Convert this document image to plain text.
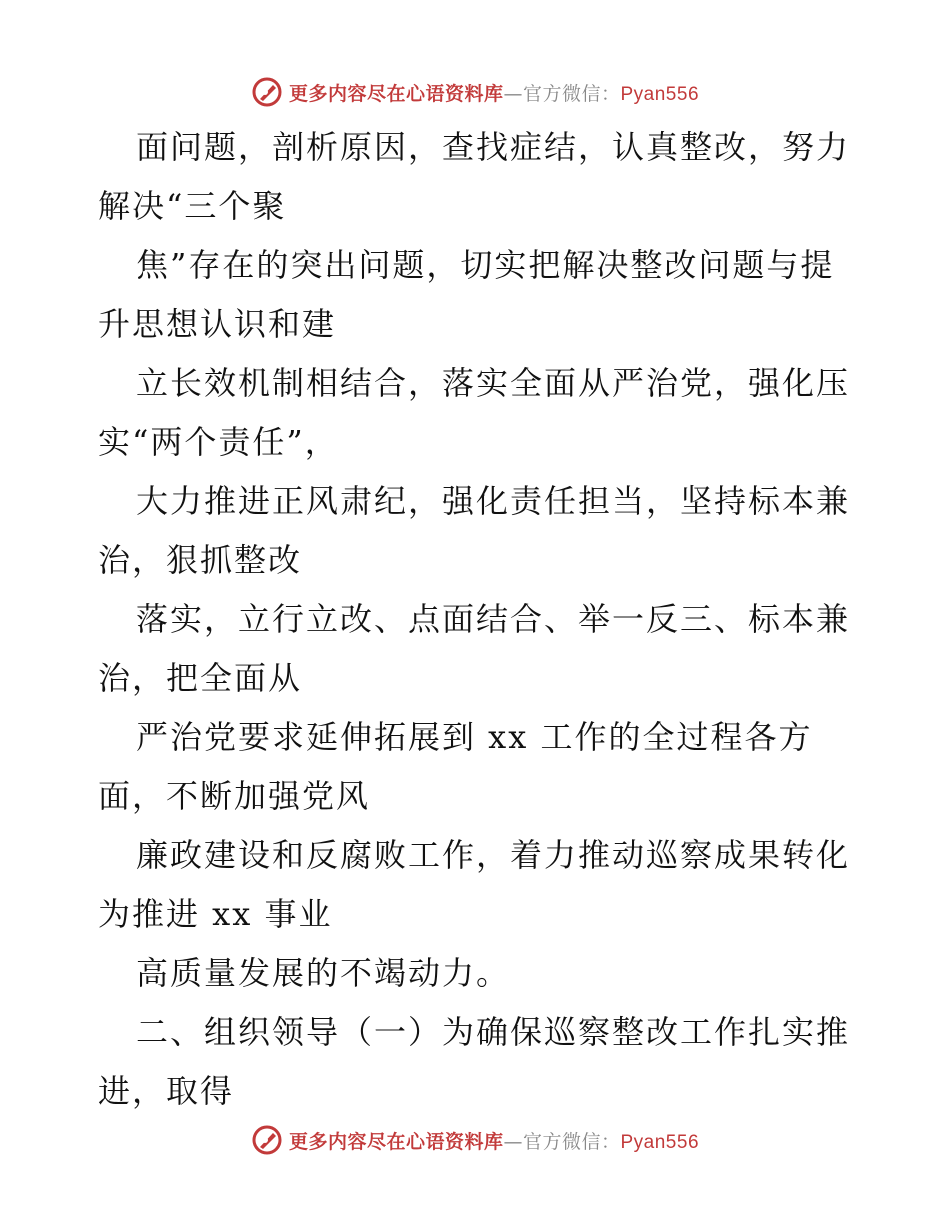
更多内容尽在心语资料库—官方微信：Pyan556
面问题，剖析原因，查找症结，认真整改，努力
解决“三个聚
焦”存在的突出问题，切实把解决整改问题与提
升思想认识和建
立长效机制相结合，落实全面从严治党，强化压
实“两个责任”，
大力推进正风肃纪，强化责任担当，坚持标本兼
治，狠抓整改
落实，立行立改、点面结合、举一反三、标本兼
治，把全面从
严治党要求延伸拓展到 xx 工作的全过程各方
面，不断加强党风
廉政建设和反腐败工作，着力推动巡察成果转化
为推进 xx 事业
高质量发展的不竭动力。
二、组织领导（一）为确保巡察整改工作扎实推
进，取得
更多内容尽在心语资料库—官方微信：Pyan556
